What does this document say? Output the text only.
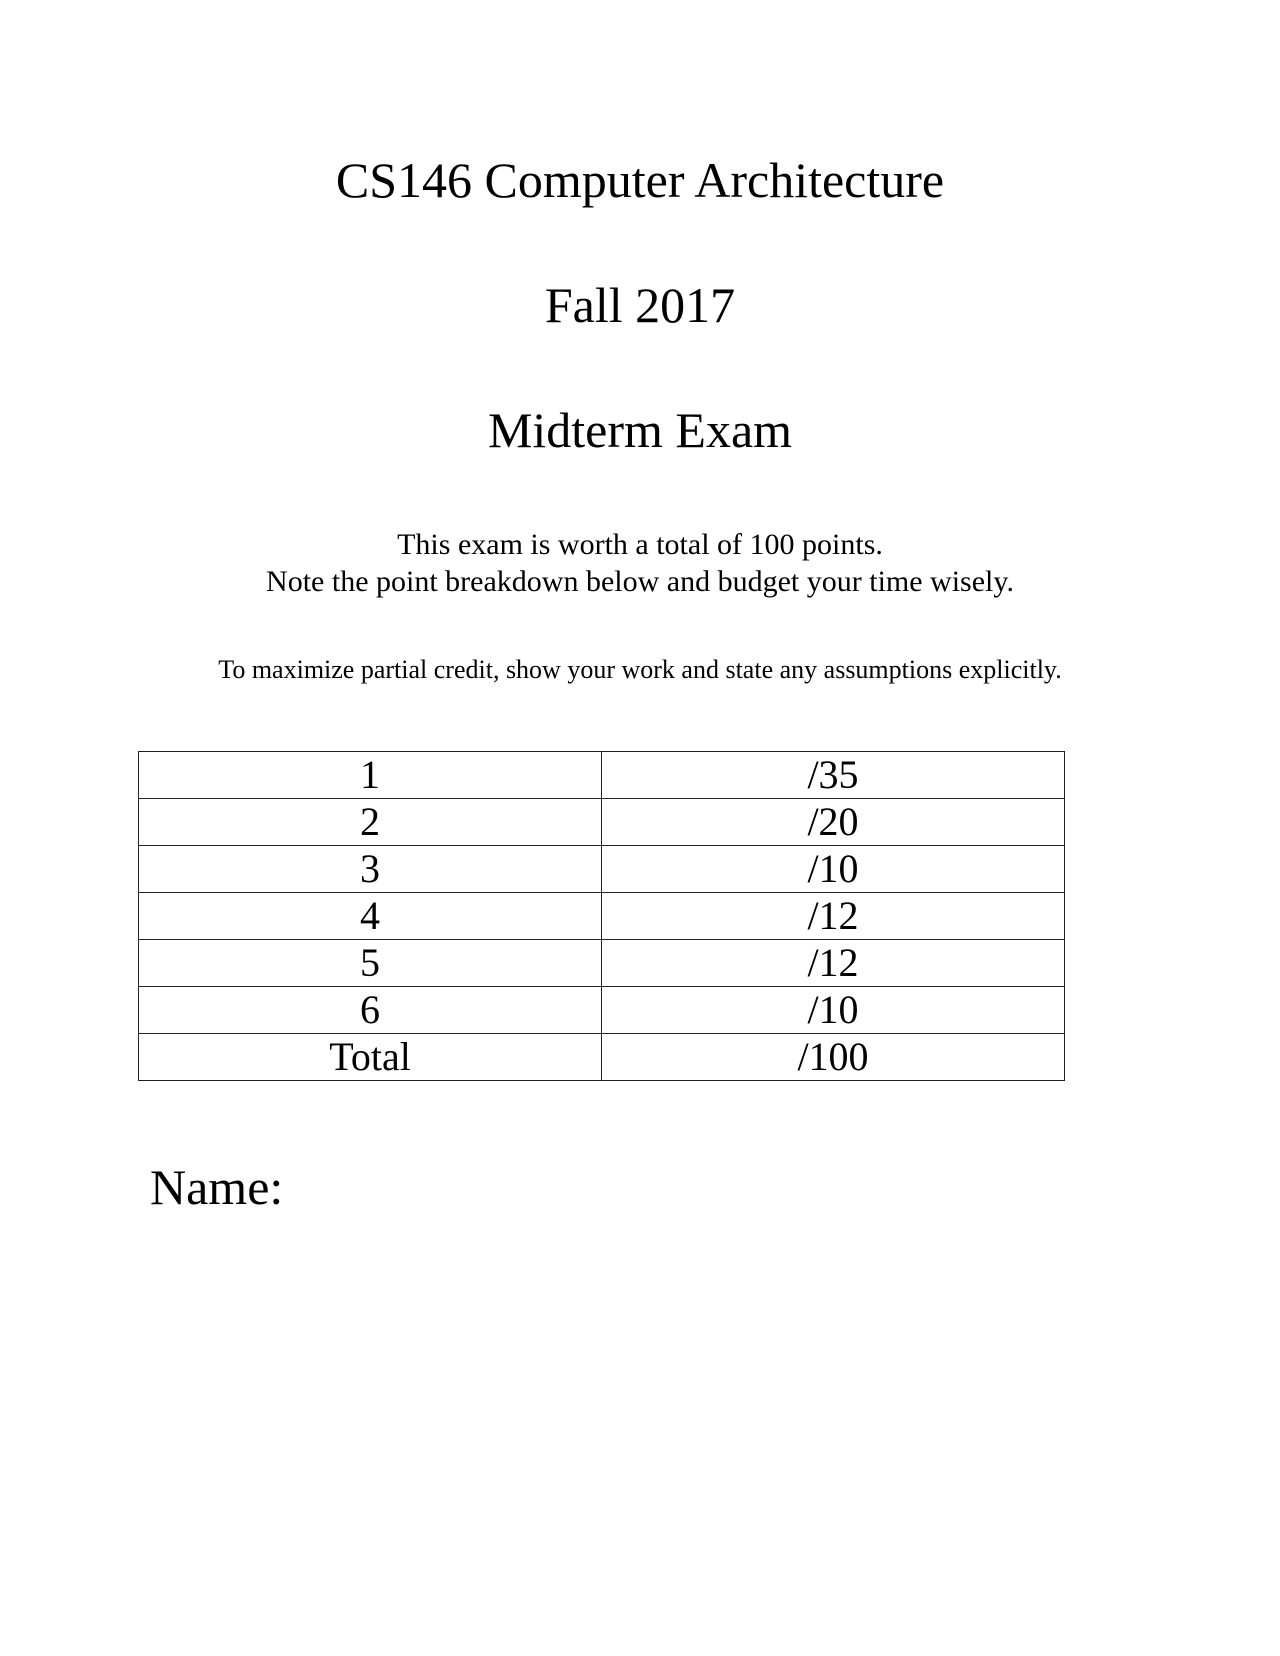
CS146 Computer Architecture
Fall 2017
Midterm Exam
This exam is worth a total of 100 points.
Note the point breakdown below and budget your time wisely.
To maximize partial credit, show your work and state any assumptions explicitly.
1	/35
2	/20
3	/10
4	/12
5	/12
6	/10
Total	/100
Name:
